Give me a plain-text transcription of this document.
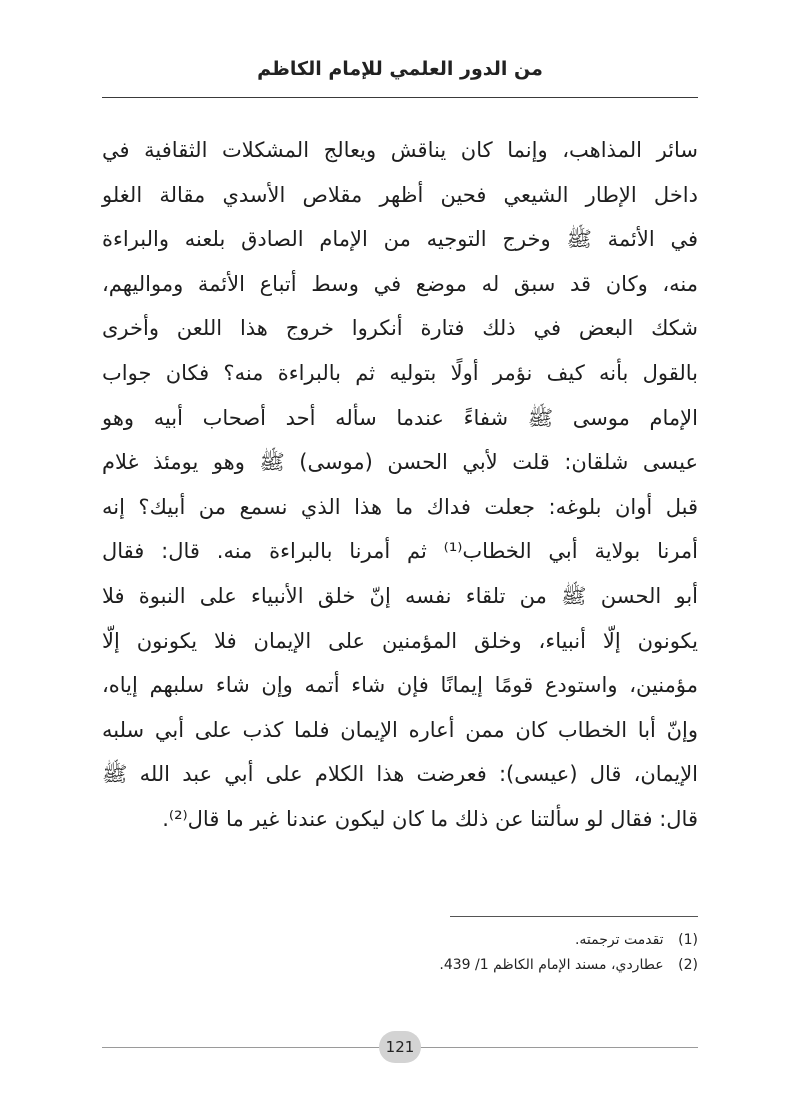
من الدور العلمي للإمام الكاظم
سائر المذاهب، وإنما كان يناقش ويعالج المشكلات الثقافية في
داخل الإطار الشيعي فحين أظهر مقلاص الأسدي مقالة الغلو
في الأئمة ﷺ وخرج التوجيه من الإمام الصادق بلعنه والبراءة
منه، وكان قد سبق له موضع في وسط أتباع الأئمة ومواليهم،
شكك البعض في ذلك فتارة أنكروا خروج هذا اللعن وأخرى
بالقول بأنه كيف نؤمر أولًا بتوليه ثم بالبراءة منه؟ فكان جواب
الإمام موسى ﷺ شفاءً عندما سأله أحد أصحاب أبيه وهو
عيسى شلقان: قلت لأبي الحسن (موسى) ﷺ وهو يومئذ غلام
قبل أوان بلوغه: جعلت فداك ما هذا الذي نسمع من أبيك؟ إنه
أمرنا بولاية أبي الخطاب⁽¹⁾ ثم أمرنا بالبراءة منه. قال: فقال
أبو الحسن ﷺ من تلقاء نفسه إنّ خلق الأنبياء على النبوة فلا
يكونون إلّا أنبياء، وخلق المؤمنين على الإيمان فلا يكونون إلّا
مؤمنين، واستودع قومًا إيمانًا فإن شاء أتمه وإن شاء سلبهم إياه،
وإنّ أبا الخطاب كان ممن أعاره الإيمان فلما كذب على أبي سلبه
الإيمان، قال (عيسى): فعرضت هذا الكلام على أبي عبد الله ﷺ
قال: فقال لو سألتنا عن ذلك ما كان ليكون عندنا غير ما قال⁽²⁾.
(1) تقدمت ترجمته.
(2) عطاردي، مسند الإمام الكاظم 1/ 439.
121
